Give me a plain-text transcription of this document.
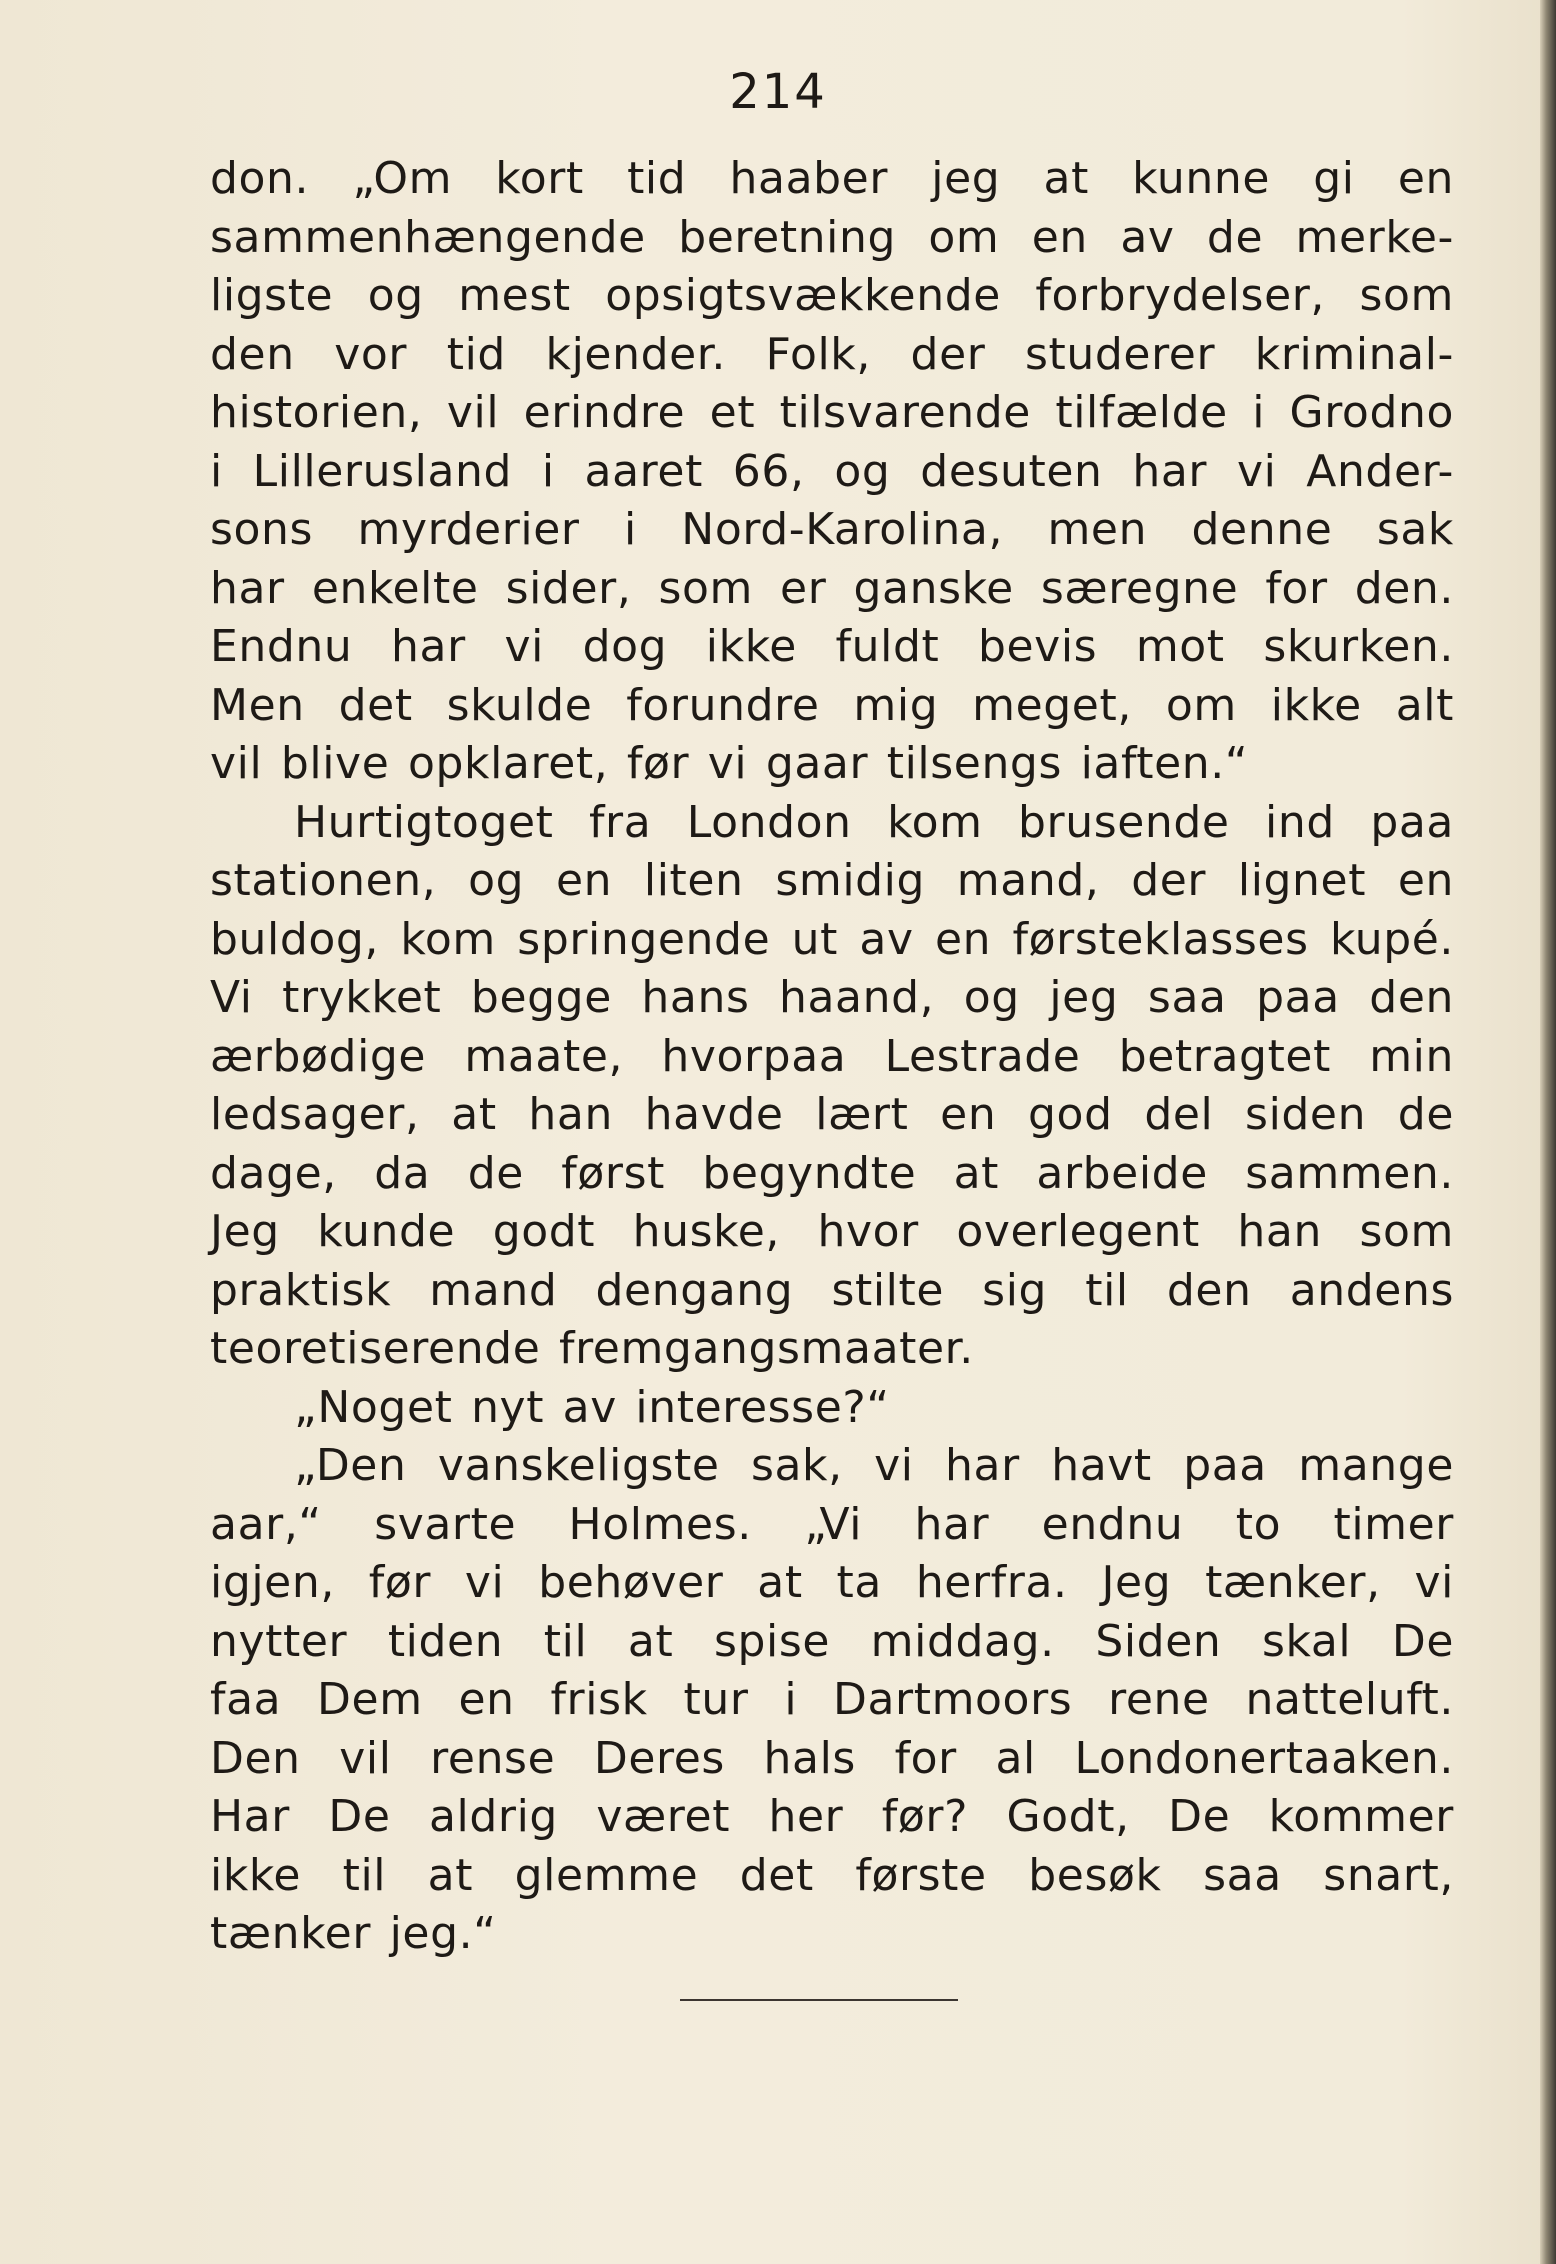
214
don. „Om kort tid haaber jeg at kunne gi en
sammenhængende beretning om en av de merke-
ligste og mest opsigtsvækkende forbrydelser, som
den vor tid kjender. Folk, der studerer kriminal-
historien, vil erindre et tilsvarende tilfælde i Grodno
i Lillerusland i aaret 66, og desuten har vi Ander-
sons myrderier i Nord-Karolina, men denne sak
har enkelte sider, som er ganske særegne for den.
Endnu har vi dog ikke fuldt bevis mot skurken.
Men det skulde forundre mig meget, om ikke alt
vil blive opklaret, før vi gaar tilsengs iaften.“
Hurtigtoget fra London kom brusende ind paa
stationen, og en liten smidig mand, der lignet en
buldog, kom springende ut av en førsteklasses kupé.
Vi trykket begge hans haand, og jeg saa paa den
ærbødige maate, hvorpaa Lestrade betragtet min
ledsager, at han havde lært en god del siden de
dage, da de først begyndte at arbeide sammen.
Jeg kunde godt huske, hvor overlegent han som
praktisk mand dengang stilte sig til den andens
teoretiserende fremgangsmaater.
„Noget nyt av interesse?“
„Den vanskeligste sak, vi har havt paa mange
aar,“ svarte Holmes. „Vi har endnu to timer
igjen, før vi behøver at ta herfra. Jeg tænker, vi
nytter tiden til at spise middag. Siden skal De
faa Dem en frisk tur i Dartmoors rene natteluft.
Den vil rense Deres hals for al Londonertaaken.
Har De aldrig været her før? Godt, De kommer
ikke til at glemme det første besøk saa snart,
tænker jeg.“
